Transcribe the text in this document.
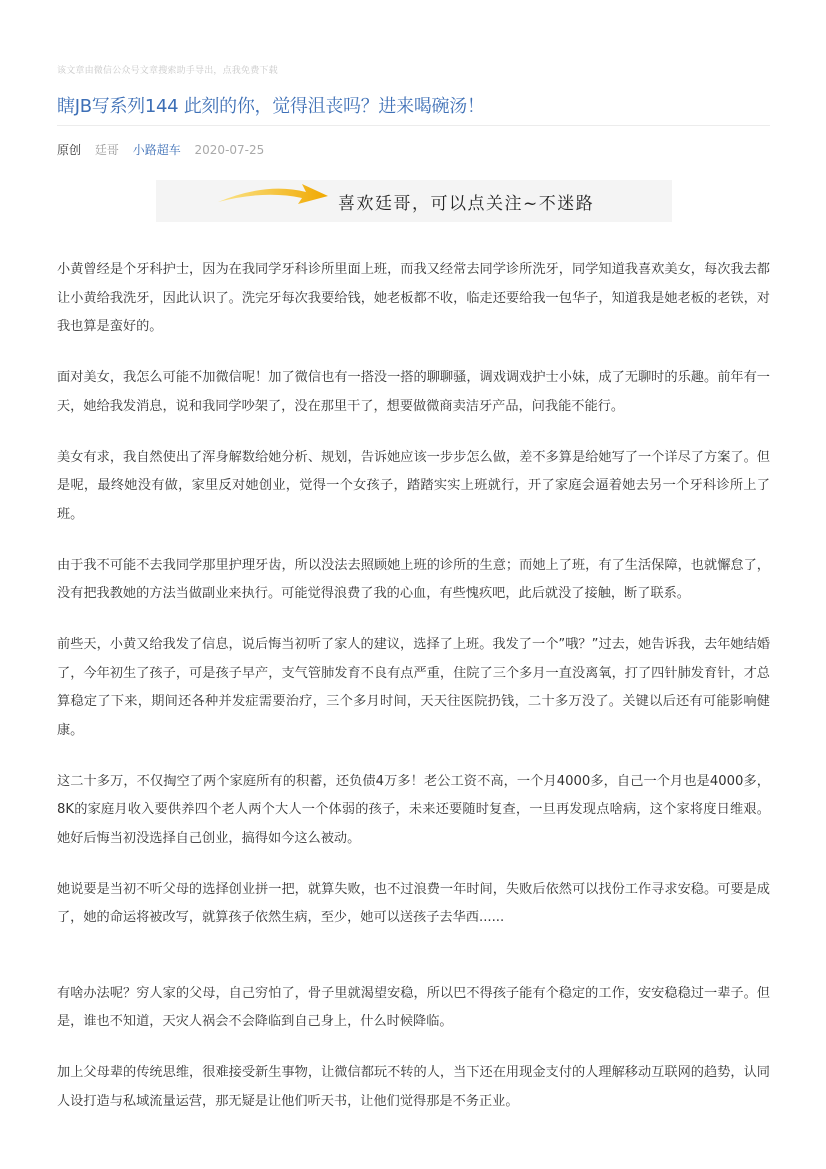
该文章由微信公众号文章搜索助手导出，点我免费下载
瞎JB写系列144 此刻的你，觉得沮丧吗？进来喝碗汤！
原创 廷哥 小路超车 2020-07-25
喜欢廷哥，可以点关注~不迷路

小黄曾经是个牙科护士，因为在我同学牙科诊所里面上班，而我又经常去同学诊所洗牙，同学知道我喜欢美女，每次我去都让小黄给我洗牙，因此认识了。洗完牙每次我要给钱，她老板都不收，临走还要给我一包华子，知道我是她老板的老铁，对我也算是蛮好的。

面对美女，我怎么可能不加微信呢！加了微信也有一搭没一搭的聊聊骚，调戏调戏护士小妹，成了无聊时的乐趣。前年有一天，她给我发消息，说和我同学吵架了，没在那里干了，想要做微商卖洁牙产品，问我能不能行。

美女有求，我自然使出了浑身解数给她分析、规划，告诉她应该一步步怎么做，差不多算是给她写了一个详尽了方案了。但是呢，最终她没有做，家里反对她创业，觉得一个女孩子，踏踏实实上班就行，开了家庭会逼着她去另一个牙科诊所上了班。

由于我不可能不去我同学那里护理牙齿，所以没法去照顾她上班的诊所的生意；而她上了班，有了生活保障，也就懈怠了，没有把我教她的方法当做副业来执行。可能觉得浪费了我的心血，有些愧疚吧，此后就没了接触，断了联系。

前些天，小黄又给我发了信息，说后悔当初听了家人的建议，选择了上班。我发了一个”哦？”过去，她告诉我，去年她结婚了，今年初生了孩子，可是孩子早产，支气管肺发育不良有点严重，住院了三个多月一直没离氧，打了四针肺发育针，才总算稳定了下来，期间还各种并发症需要治疗，三个多月时间，天天往医院扔钱，二十多万没了。关键以后还有可能影响健康。

这二十多万，不仅掏空了两个家庭所有的积蓄，还负债4万多！老公工资不高，一个月4000多，自己一个月也是4000多，8K的家庭月收入要供养四个老人两个大人一个体弱的孩子，未来还要随时复查，一旦再发现点啥病，这个家将度日维艰。她好后悔当初没选择自己创业，搞得如今这么被动。

她说要是当初不听父母的选择创业拼一把，就算失败，也不过浪费一年时间，失败后依然可以找份工作寻求安稳。可要是成了，她的命运将被改写，就算孩子依然生病，至少，她可以送孩子去华西......

有啥办法呢？穷人家的父母，自己穷怕了，骨子里就渴望安稳，所以巴不得孩子能有个稳定的工作，安安稳稳过一辈子。但是，谁也不知道，天灾人祸会不会降临到自己身上，什么时候降临。

加上父母辈的传统思维，很难接受新生事物，让微信都玩不转的人，当下还在用现金支付的人理解移动互联网的趋势，认同人设打造与私域流量运营，那无疑是让他们听天书，让他们觉得那是不务正业。
